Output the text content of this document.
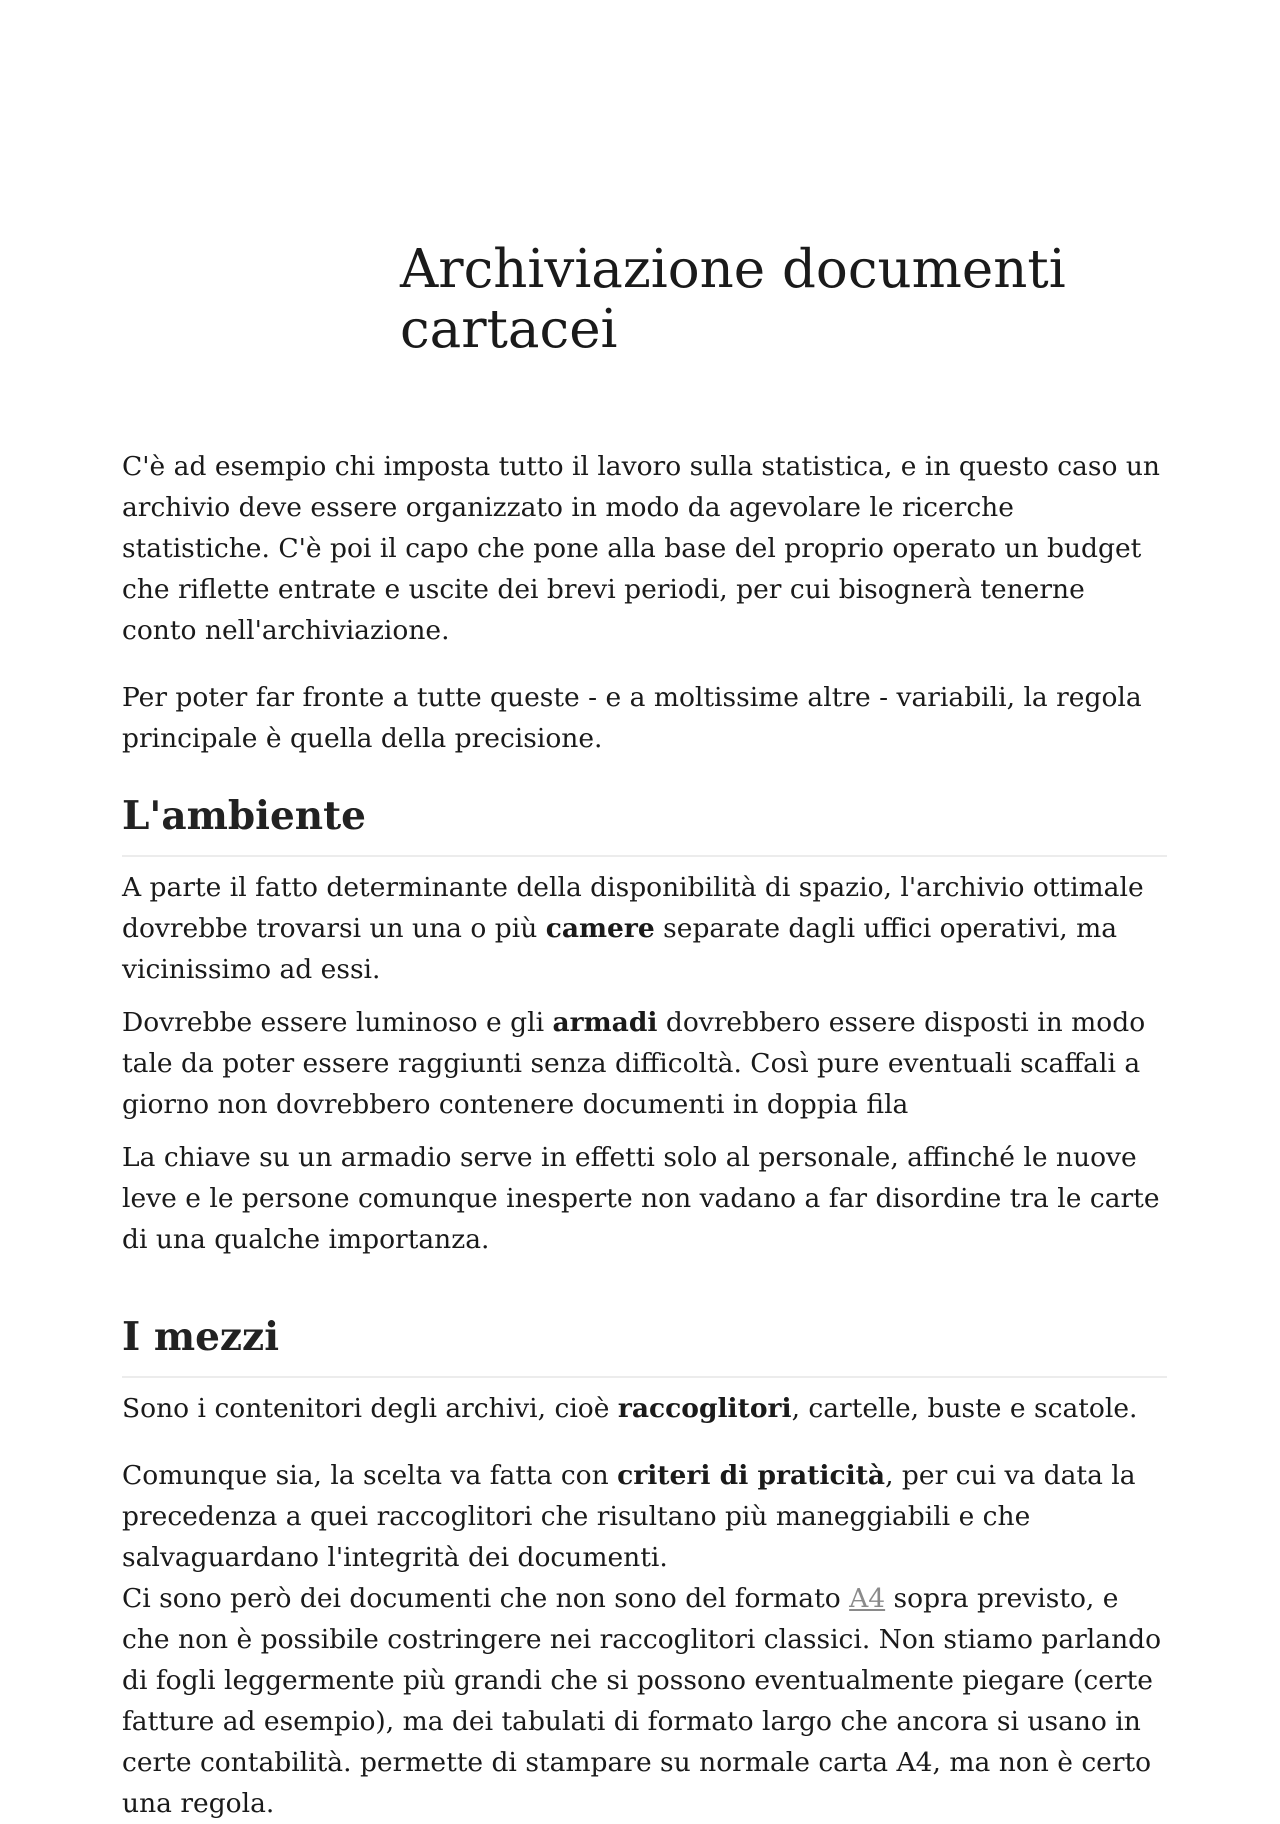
Archiviazione documenti cartacei

C'è ad esempio chi imposta tutto il lavoro sulla statistica, e in questo caso un archivio deve essere organizzato in modo da agevolare le ricerche statistiche. C'è poi il capo che pone alla base del proprio operato un budget che riflette entrate e uscite dei brevi periodi, per cui bisognerà tenerne conto nell'archiviazione.

Per poter far fronte a tutte queste - e a moltissime altre - variabili, la regola principale è quella della precisione.

L'ambiente

A parte il fatto determinante della disponibilità di spazio, l'archivio ottimale dovrebbe trovarsi un una o più camere separate dagli uffici operativi, ma vicinissimo ad essi.

Dovrebbe essere luminoso e gli armadi dovrebbero essere disposti in modo tale da poter essere raggiunti senza difficoltà. Così pure eventuali scaffali a giorno non dovrebbero contenere documenti in doppia fila

La chiave su un armadio serve in effetti solo al personale, affinché le nuove leve e le persone comunque inesperte non vadano a far disordine tra le carte di una qualche importanza.

I mezzi

Sono i contenitori degli archivi, cioè raccoglitori, cartelle, buste e scatole.

Comunque sia, la scelta va fatta con criteri di praticità, per cui va data la precedenza a quei raccoglitori che risultano più maneggiabili e che salvaguardano l'integrità dei documenti.

Ci sono però dei documenti che non sono del formato A4 sopra previsto, e che non è possibile costringere nei raccoglitori classici. Non stiamo parlando di fogli leggermente più grandi che si possono eventualmente piegare (certe fatture ad esempio), ma dei tabulati di formato largo che ancora si usano in certe contabilità. permette di stampare su normale carta A4, ma non è certo una regola.
